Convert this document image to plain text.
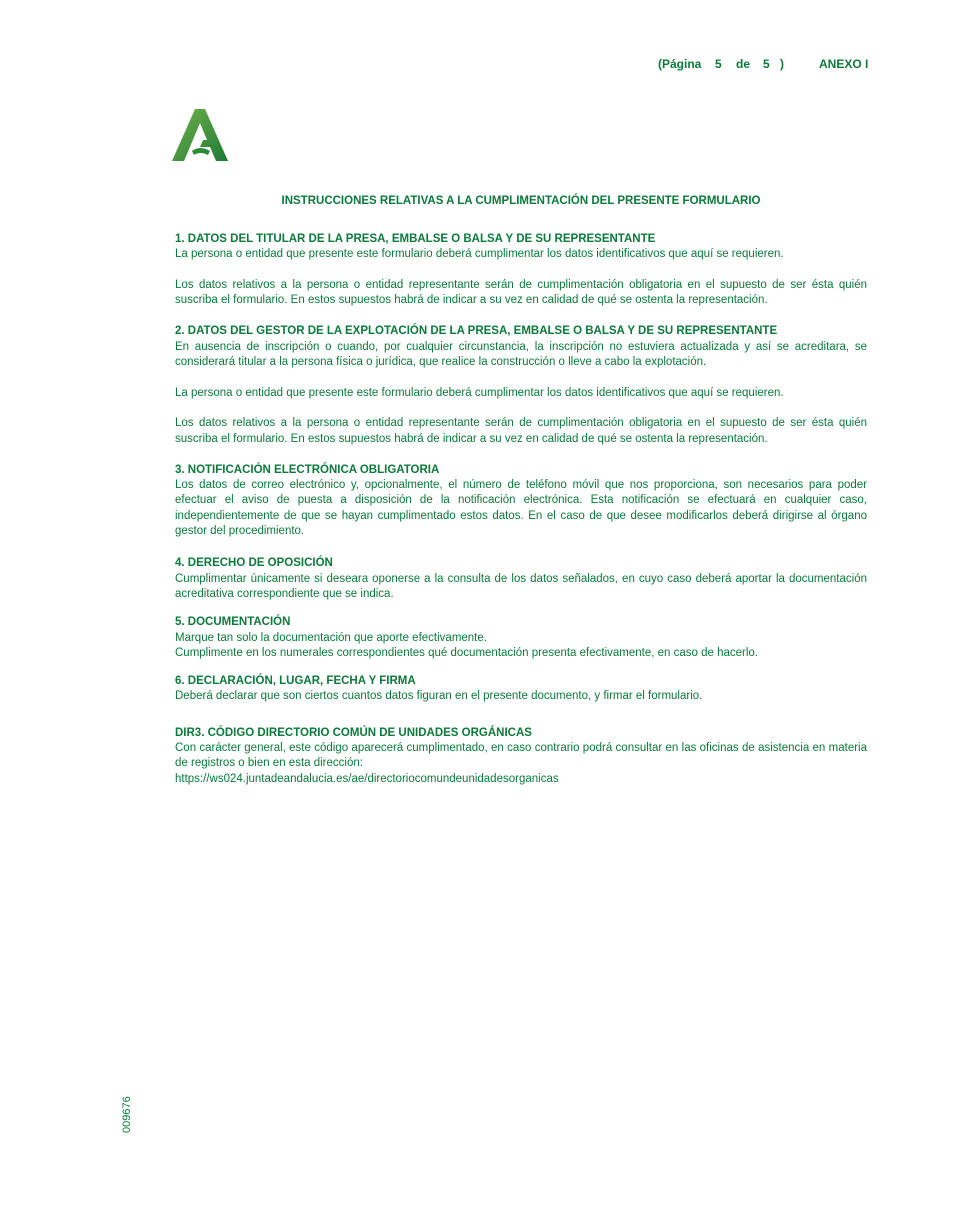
(Página 5 de 5 )	ANEXO I
INSTRUCCIONES RELATIVAS A LA CUMPLIMENTACIÓN DEL PRESENTE FORMULARIO
1. DATOS DEL TITULAR DE LA PRESA, EMBALSE O BALSA Y DE SU REPRESENTANTE

La persona o entidad que presente este formulario deberá cumplimentar los datos identificativos que aquí se requieren.

Los datos relativos a la persona o entidad representante serán de cumplimentación obligatoria en el supuesto de ser ésta quién suscriba el formulario. En estos supuestos habrá de indicar a su vez en calidad de qué se ostenta la representación.

2. DATOS DEL GESTOR DE LA EXPLOTACIÓN DE LA PRESA, EMBALSE O BALSA Y DE SU REPRESENTANTE

En ausencia de inscripción o cuando, por cualquier circunstancia, la inscripción no estuviera actualizada y así se acreditara, se considerará titular a la persona física o jurídica, que realice la construcción o lleve a cabo la explotación.

La persona o entidad que presente este formulario deberá cumplimentar los datos identificativos que aquí se requieren.

Los datos relativos a la persona o entidad representante serán de cumplimentación obligatoria en el supuesto de ser ésta quién suscriba el formulario. En estos supuestos habrá de indicar a su vez en calidad de qué se ostenta la representación.

3. NOTIFICACIÓN ELECTRÓNICA OBLIGATORIA

Los datos de correo electrónico y, opcionalmente, el número de teléfono móvil que nos proporciona, son necesarios para poder efectuar el aviso de puesta a disposición de la notificación electrónica. Esta notificación se efectuará en cualquier caso, independientemente de que se hayan cumplimentado estos datos. En el caso de que desee modificarlos deberá dirigirse al órgano gestor del procedimiento.

4. DERECHO DE OPOSICIÓN

Cumplimentar únicamente si deseara oponerse a la consulta de los datos señalados, en cuyo caso deberá aportar la documentación acreditativa correspondiente que se indica.

5. DOCUMENTACIÓN

Marque tan solo la documentación que aporte efectivamente.

Cumplimente en los numerales correspondientes qué documentación presenta efectivamente, en caso de hacerlo.

6. DECLARACIÓN, LUGAR, FECHA Y FIRMA

Deberá declarar que son ciertos cuantos datos figuran en el presente documento, y firmar el formulario.

DIR3. CÓDIGO DIRECTORIO COMÚN DE UNIDADES ORGÁNICAS

Con carácter general, este código aparecerá cumplimentado, en caso contrario podrá consultar en las oficinas de asistencia en materia de registros o bien en esta dirección:

https://ws024.juntadeandalucia.es/ae/directoriocomundeunidadesorganicas

009676
